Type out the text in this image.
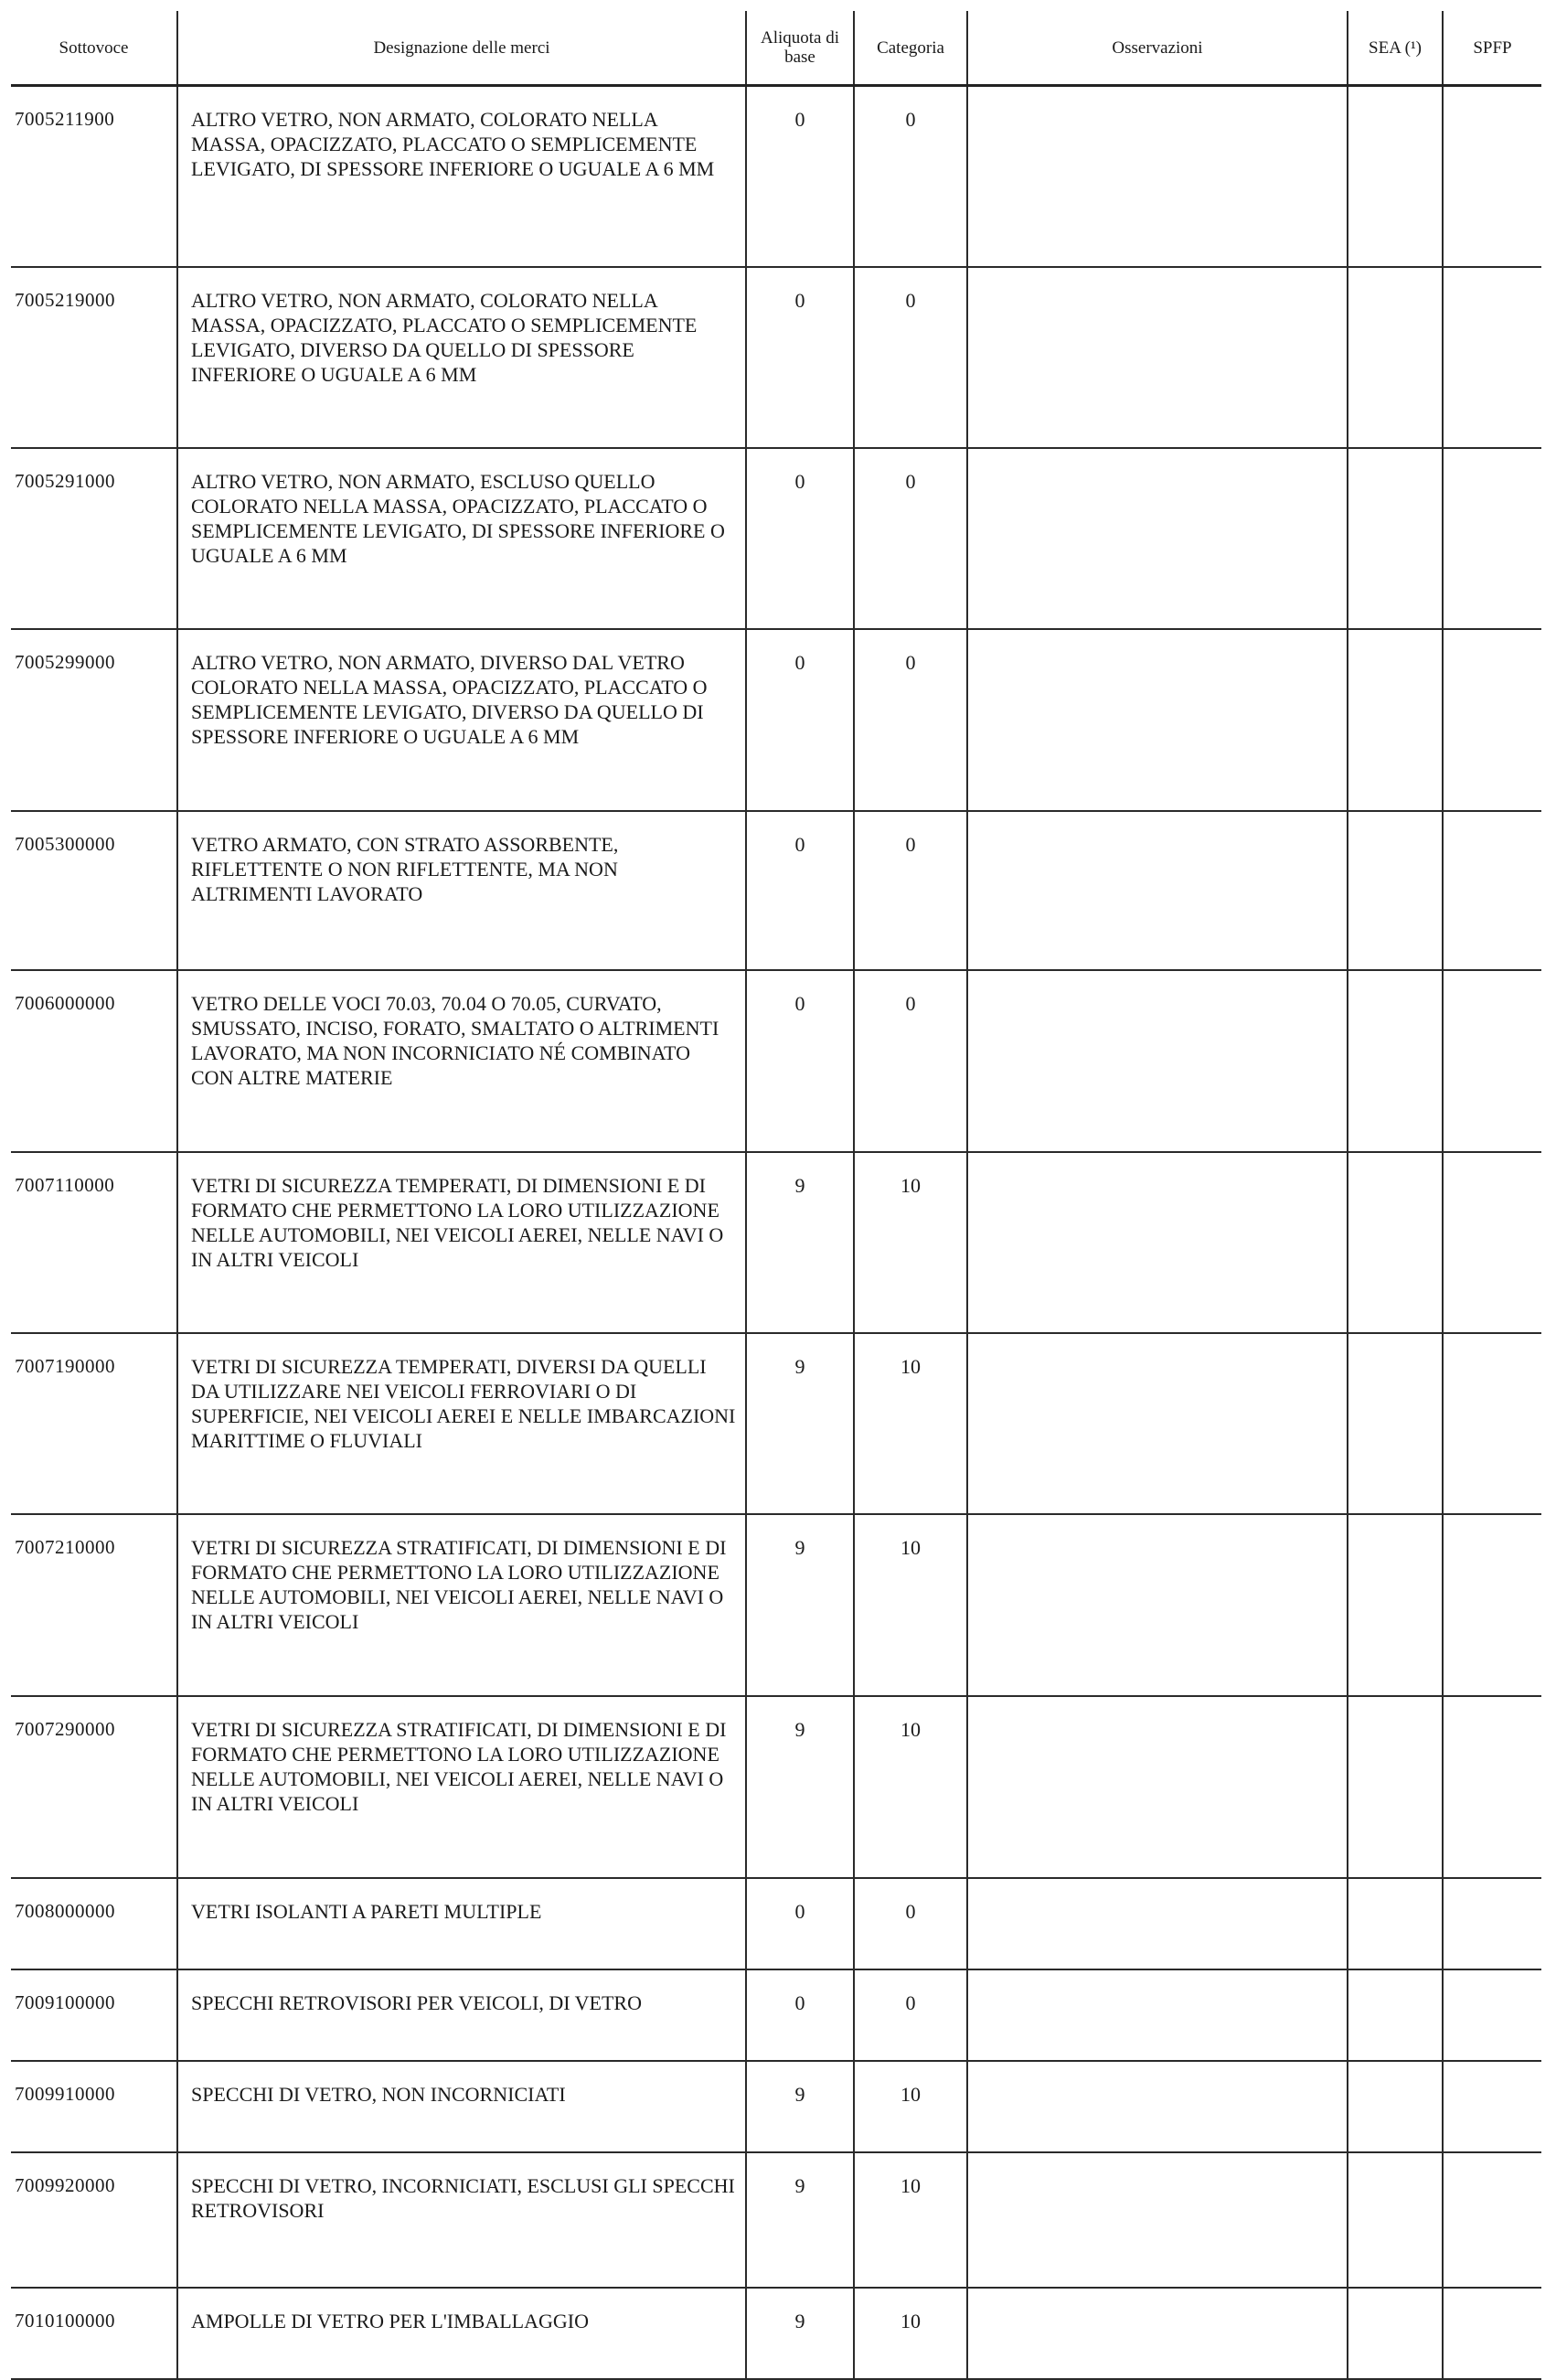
Sottovoce	Designazione delle merci	Aliquota di base	Categoria	Osservazioni	SEA (¹)	SPFP
7005211900	ALTRO VETRO, NON ARMATO, COLORATO NELLA MASSA, OPACIZZATO, PLACCATO O SEMPLICEMENTE LEVIGATO, DI SPESSORE INFERIORE O UGUALE A 6 MM	0	0			
7005219000	ALTRO VETRO, NON ARMATO, COLORATO NELLA MASSA, OPACIZZATO, PLACCATO O SEMPLICEMENTE LEVIGATO, DIVERSO DA QUELLO DI SPESSORE INFERIORE O UGUALE A 6 MM	0	0			
7005291000	ALTRO VETRO, NON ARMATO, ESCLUSO QUELLO COLORATO NELLA MASSA, OPACIZZATO, PLACCATO O SEMPLICEMENTE LEVIGATO, DI SPESSORE INFERIORE O UGUALE A 6 MM	0	0			
7005299000	ALTRO VETRO, NON ARMATO, DIVERSO DAL VETRO COLORATO NELLA MASSA, OPACIZZATO, PLACCATO O SEMPLICEMENTE LEVIGATO, DIVERSO DA QUELLO DI SPESSORE INFERIORE O UGUALE A 6 MM	0	0			
7005300000	VETRO ARMATO, CON STRATO ASSORBENTE, RIFLETTENTE O NON RIFLETTENTE, MA NON ALTRIMENTI LAVORATO	0	0			
7006000000	VETRO DELLE VOCI 70.03, 70.04 O 70.05, CURVATO, SMUSSATO, INCISO, FORATO, SMALTATO O ALTRIMENTI LAVORATO, MA NON INCORNICIATO NÉ COMBINATO CON ALTRE MATERIE	0	0			
7007110000	VETRI DI SICUREZZA TEMPERATI, DI DIMENSIONI E DI FORMATO CHE PERMETTONO LA LORO UTILIZZAZIONE NELLE AUTOMOBILI, NEI VEICOLI AEREI, NELLE NAVI O IN ALTRI VEICOLI	9	10			
7007190000	VETRI DI SICUREZZA TEMPERATI, DIVERSI DA QUELLI DA UTILIZZARE NEI VEICOLI FERROVIARI O DI SUPERFICIE, NEI VEICOLI AEREI E NELLE IMBARCAZIONI MARITTIME O FLUVIALI	9	10			
7007210000	VETRI DI SICUREZZA STRATIFICATI, DI DIMENSIONI E DI FORMATO CHE PERMETTONO LA LORO UTILIZZAZIONE NELLE AUTOMOBILI, NEI VEICOLI AEREI, NELLE NAVI O IN ALTRI VEICOLI	9	10			
7007290000	VETRI DI SICUREZZA STRATIFICATI, DI DIMENSIONI E DI FORMATO CHE PERMETTONO LA LORO UTILIZZAZIONE NELLE AUTOMOBILI, NEI VEICOLI AEREI, NELLE NAVI O IN ALTRI VEICOLI	9	10			
7008000000	VETRI ISOLANTI A PARETI MULTIPLE	0	0			
7009100000	SPECCHI RETROVISORI PER VEICOLI, DI VETRO	0	0			
7009910000	SPECCHI DI VETRO, NON INCORNICIATI	9	10			
7009920000	SPECCHI DI VETRO, INCORNICIATI, ESCLUSI GLI SPECCHI RETROVISORI	9	10			
7010100000	AMPOLLE DI VETRO PER L'IMBALLAGGIO	9	10			
